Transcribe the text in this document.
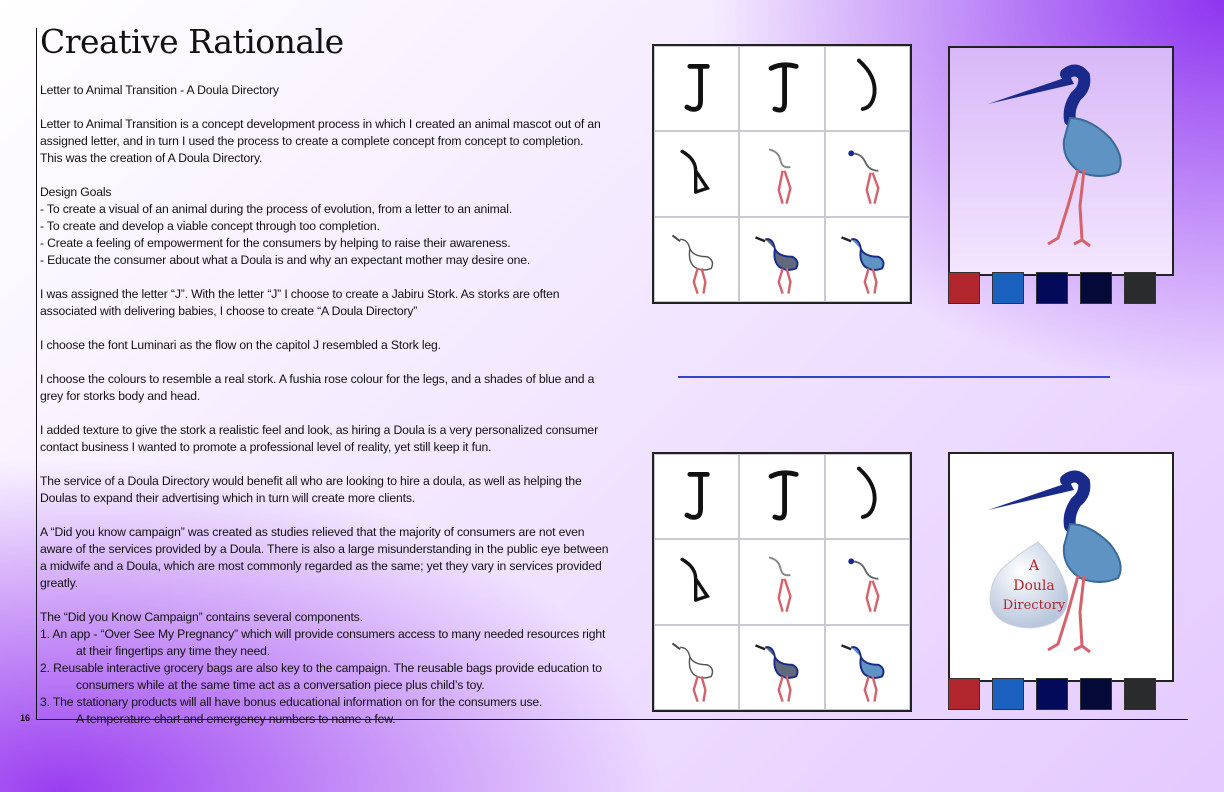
16
Creative Rationale

Letter to Animal Transition - A Doula Directory

Letter to Animal Transition is a concept development process in which I created an animal mascot out of an
assigned letter, and in turn I used the process to create a complete concept from concept to completion.
This was the creation of A Doula Directory.

Design Goals
- To create a visual of an animal during the process of evolution, from a letter to an animal.
- To create and develop a viable concept through too completion.
- Create a feeling of empowerment for the consumers by helping to raise their awareness.
- Educate the consumer about what a Doula is and why an expectant mother may desire one.

I was assigned the letter “J”. With the letter “J” I choose to create a Jabiru Stork. As storks are often
associated with delivering babies, I choose to create “A Doula Directory”

I choose the font Luminari as the flow on the capitol J resembled a Stork leg.

I choose the colours to resemble a real stork. A fushia rose colour for the legs, and a shades of blue and a
grey for storks body and head.

I added texture to give the stork a realistic feel and look, as hiring a Doula is a very personalized consumer
contact business I wanted to promote a professional level of reality, yet still keep it fun.

The service of a Doula Directory would benefit all who are looking to hire a doula, as well as helping the
Doulas to expand their advertising which in turn will create more clients.

A “Did you know campaign” was created as studies relieved that the majority of consumers are not even
aware of the services provided by a Doula. There is also a large misunderstanding in the public eye between
a midwife and a Doula, which are most commonly regarded as the same; yet they vary in services provided
greatly.

The “Did you Know Campaign” contains several components.
1. An app - “Over See My Pregnancy” which will provide consumers access to many needed resources right
at their fingertips any time they need.
2. Reusable interactive grocery bags are also key to the campaign. The reusable bags provide education to
consumers while at the same time act as a conversation piece plus child’s toy.
3. The stationary products will all have bonus educational information on for the consumers use.
A temperature chart and emergency numbers to name a few.

A
Doula
Directory
